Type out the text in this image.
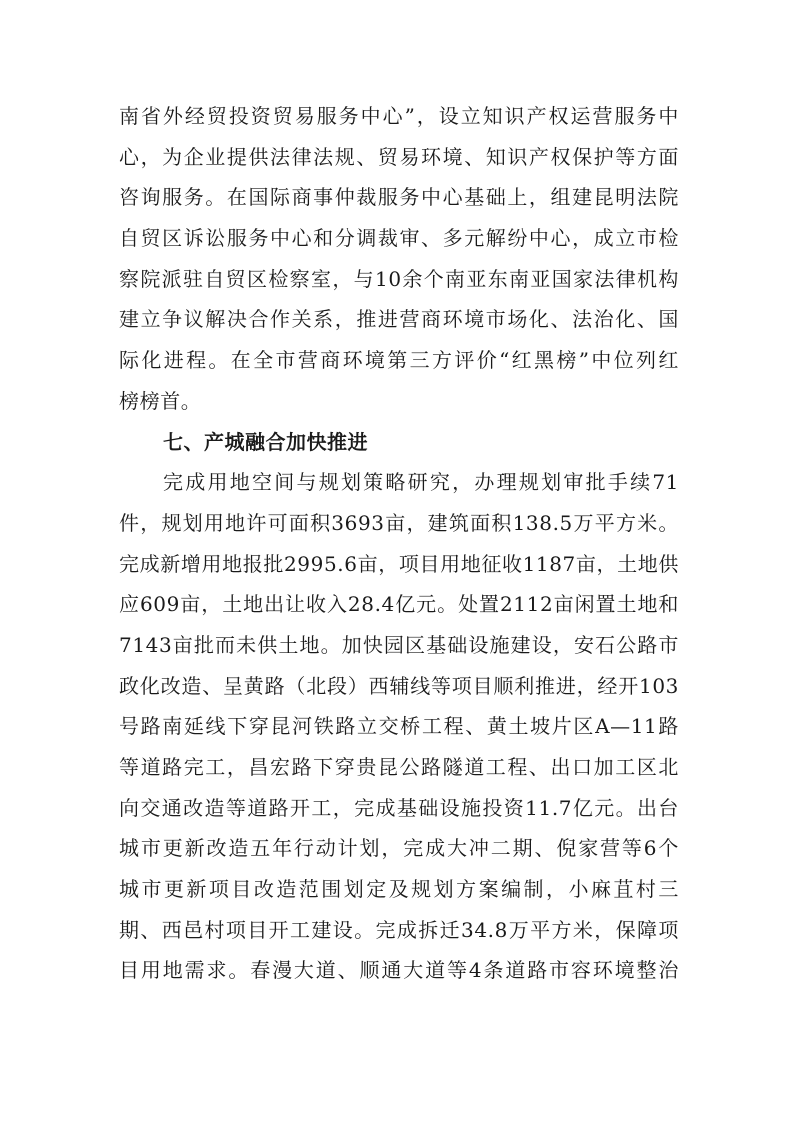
南省外经贸投资贸易服务中心”，设立知识产权运营服务中
心，为企业提供法律法规、贸易环境、知识产权保护等方面
咨询服务。在国际商事仲裁服务中心基础上，组建昆明法院
自贸区诉讼服务中心和分调裁审、多元解纷中心，成立市检
察院派驻自贸区检察室，与10余个南亚东南亚国家法律机构
建立争议解决合作关系，推进营商环境市场化、法治化、国
际化进程。在全市营商环境第三方评价“红黑榜”中位列红
榜榜首。
七、产城融合加快推进
完成用地空间与规划策略研究，办理规划审批手续71
件，规划用地许可面积3693亩，建筑面积138.5万平方米。
完成新增用地报批2995.6亩，项目用地征收1187亩，土地供
应609亩，土地出让收入28.4亿元。处置2112亩闲置土地和
7143亩批而未供土地。加快园区基础设施建设，安石公路市
政化改造、呈黄路（北段）西辅线等项目顺利推进，经开103
号路南延线下穿昆河铁路立交桥工程、黄土坡片区A—11路
等道路完工，昌宏路下穿贵昆公路隧道工程、出口加工区北
向交通改造等道路开工，完成基础设施投资11.7亿元。出台
城市更新改造五年行动计划，完成大冲二期、倪家营等6个
城市更新项目改造范围划定及规划方案编制，小麻苴村三
期、西邑村项目开工建设。完成拆迁34.8万平方米，保障项
目用地需求。春漫大道、顺通大道等4条道路市容环境整治
